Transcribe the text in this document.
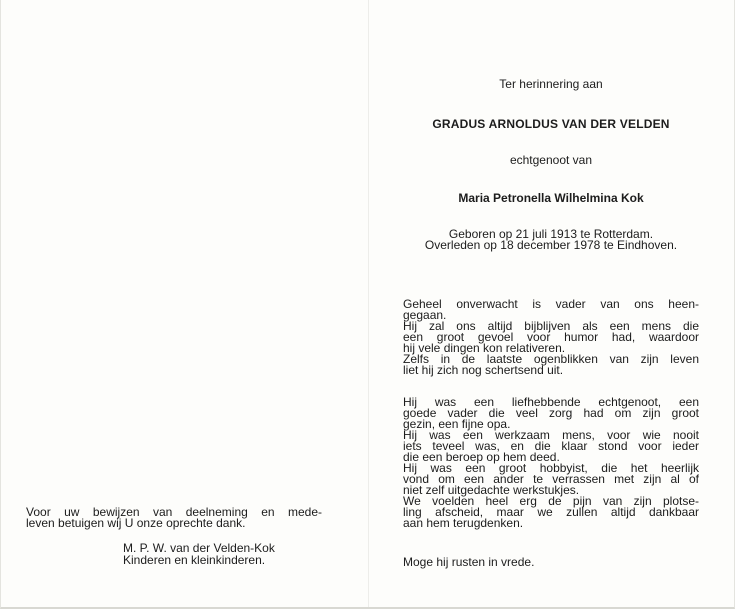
Ter herinnering aan
GRADUS ARNOLDUS VAN DER VELDEN
echtgenoot van
Maria Petronella Wilhelmina Kok
Geboren op 21 juli 1913 te Rotterdam.
Overleden op 18 december 1978 te Eindhoven.
Geheel onverwacht is vader van ons heen-
gegaan.
Hij zal ons altijd bijblijven als een mens die
een groot gevoel voor humor had, waardoor
hij vele dingen kon relativeren.
Zelfs in de laatste ogenblikken van zijn leven
liet hij zich nog schertsend uit.
Hij was een liefhebbende echtgenoot, een
goede vader die veel zorg had om zijn groot
gezin, een fijne opa.
Hij was een werkzaam mens, voor wie nooit
iets teveel was, en die klaar stond voor ieder
die een beroep op hem deed.
Hij was een groot hobbyist, die het heerlijk
vond om een ander te verrassen met zijn al of
niet zelf uitgedachte werkstukjes.
We voelden heel erg de pijn van zijn plotse-
ling afscheid, maar we zullen altijd dankbaar
aan hem terugdenken.
Moge hij rusten in vrede.
Voor uw bewijzen van deelneming en mede-
leven betuigen wij U onze oprechte dank.
M. P. W. van der Velden-Kok
Kinderen en kleinkinderen.
